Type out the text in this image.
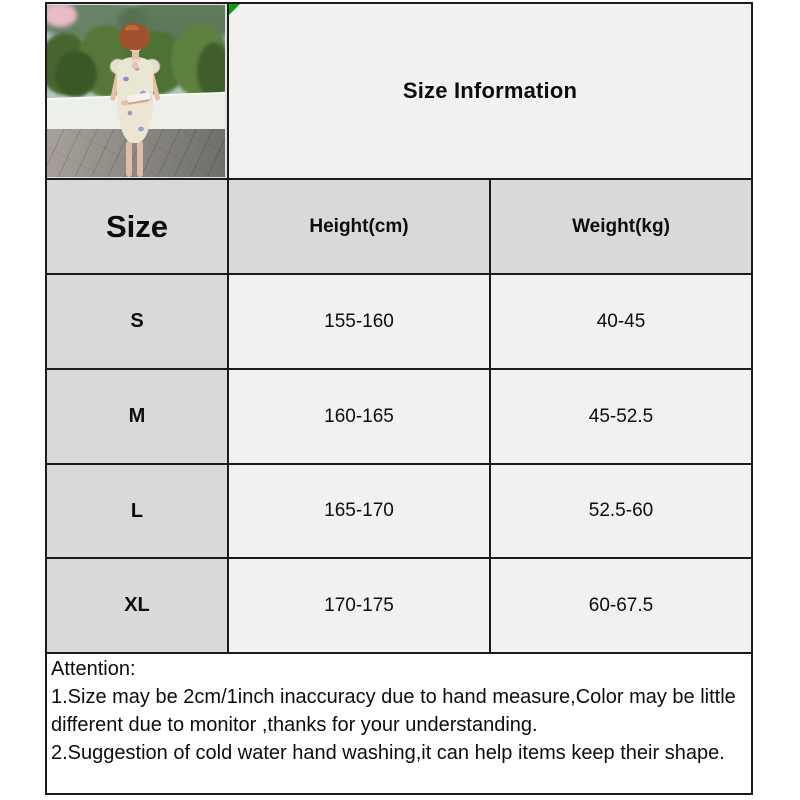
Size Information	
Size	Height(cm)	Weight(kg)
S	155-160	40-45
M	160-165	45-52.5
L	165-170	52.5-60
XL	170-175	60-67.5
Attention:
1.Size may be 2cm/1inch inaccuracy due to hand measure,Color may be little different due to monitor ,thanks for your understanding.
2.Suggestion of cold water hand washing,it can help items keep their shape.
